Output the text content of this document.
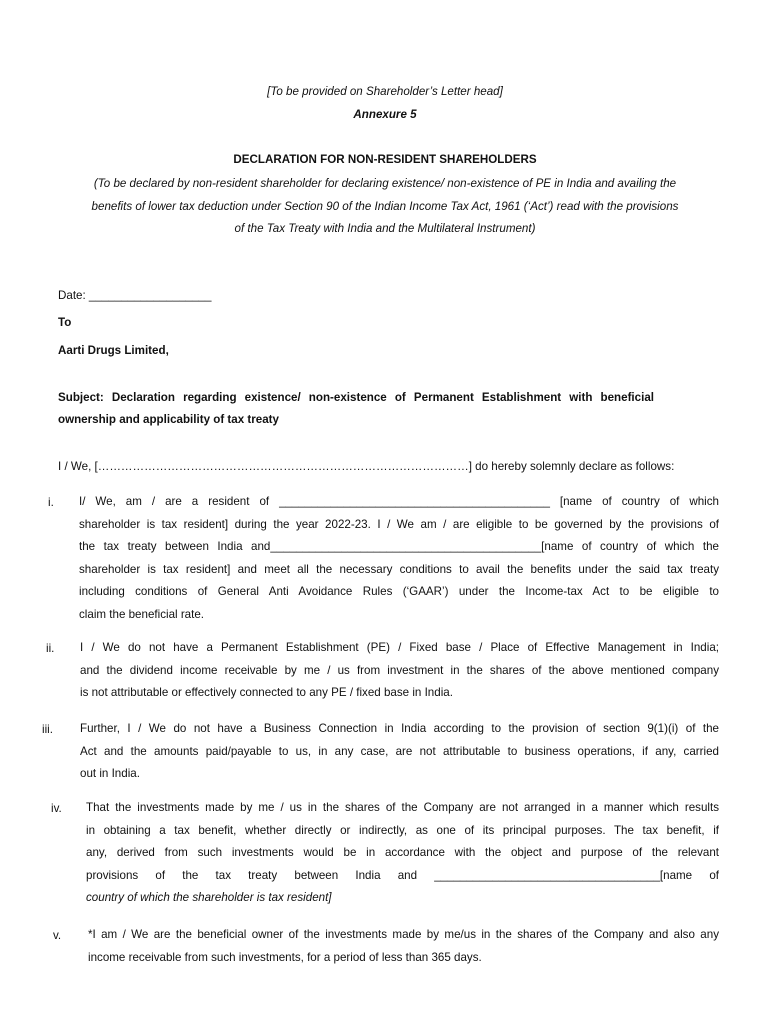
[To be provided on Shareholder’s Letter head]
Annexure 5
DECLARATION FOR NON-RESIDENT SHAREHOLDERS
(To be declared by non-resident shareholder for declaring existence/ non-existence of PE in India and availing the
benefits of lower tax deduction under Section 90 of the Indian Income Tax Act, 1961 (‘Act’) read with the provisions
of the Tax Treaty with India and the Multilateral Instrument)
Date: ___________________
To
Aarti Drugs Limited,
Subject: Declaration regarding existence/ non-existence of Permanent Establishment with beneficial
ownership and applicability of tax treaty
I / We, [……………………………………………………………………………………] do hereby solemnly declare as follows:
i. I/ We, am / are a resident of __________________________________________ [name of country of which
shareholder is tax resident] during the year 2022-23. I / We am / are eligible to be governed by the provisions of
the tax treaty between India and__________________________________________[name of country of which the
shareholder is tax resident] and meet all the necessary conditions to avail the benefits under the said tax treaty
including conditions of General Anti Avoidance Rules (‘GAAR’) under the Income-tax Act to be eligible to
claim the beneficial rate.
ii. I / We do not have a Permanent Establishment (PE) / Fixed base / Place of Effective Management in India;
and the dividend income receivable by me / us from investment in the shares of the above mentioned company
is not attributable or effectively connected to any PE / fixed base in India.
iii. Further, I / We do not have a Business Connection in India according to the provision of section 9(1)(i) of the
Act and the amounts paid/payable to us, in any case, are not attributable to business operations, if any, carried
out in India.
iv. That the investments made by me / us in the shares of the Company are not arranged in a manner which results
in obtaining a tax benefit, whether directly or indirectly, as one of its principal purposes. The tax benefit, if
any, derived from such investments would be in accordance with the object and purpose of the relevant
provisions of the tax treaty between India and ___________________________________[name of
country of which the shareholder is tax resident]
v. *I am / We are the beneficial owner of the investments made by me/us in the shares of the Company and also any
income receivable from such investments, for a period of less than 365 days.
